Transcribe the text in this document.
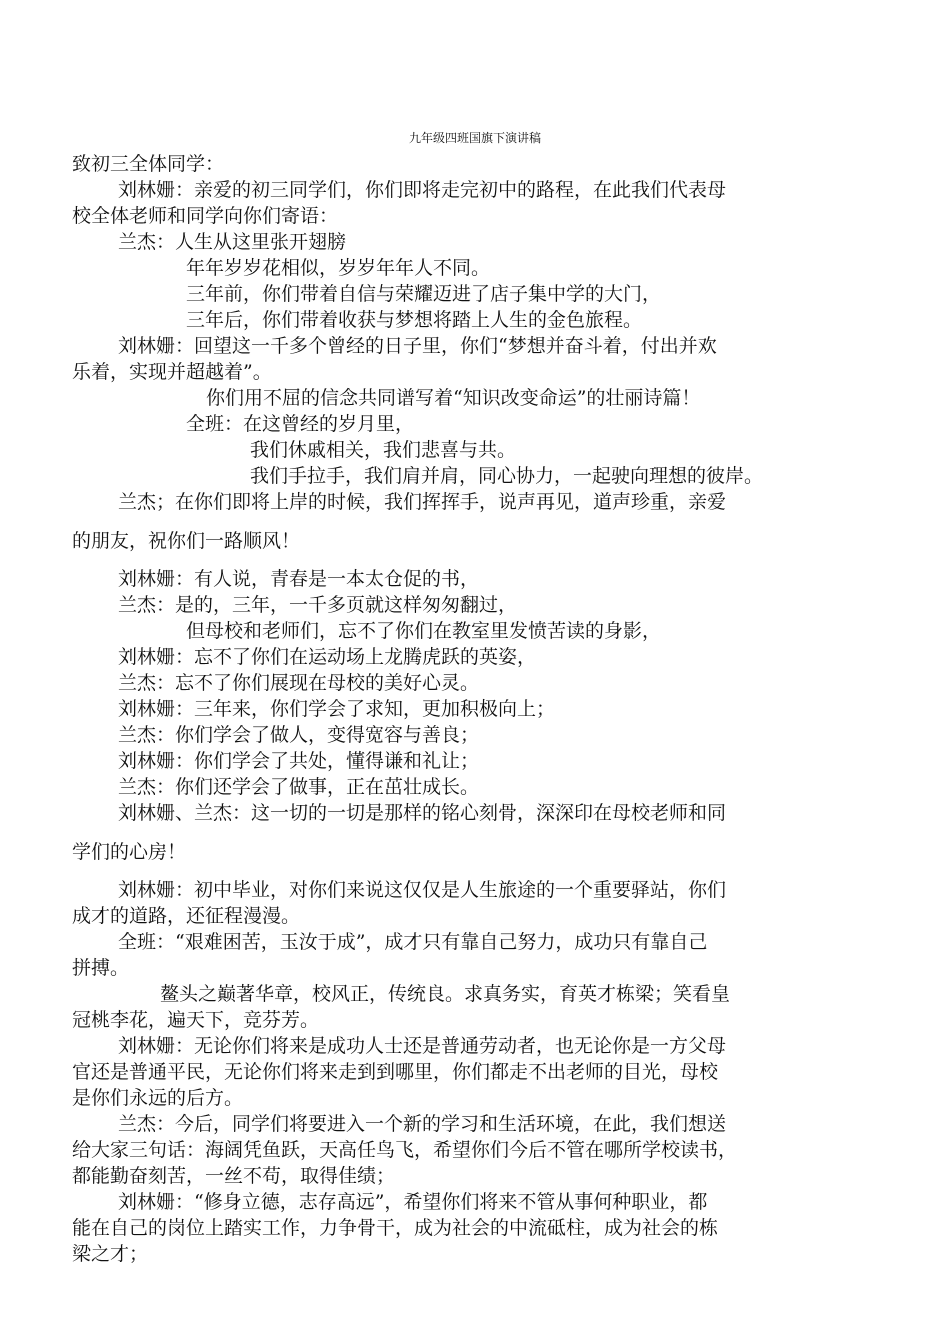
九年级四班国旗下演讲稿
致初三全体同学：
刘林姗：亲爱的初三同学们，你们即将走完初中的路程，在此我们代表母
校全体老师和同学向你们寄语：
兰杰：人生从这里张开翅膀
年年岁岁花相似，岁岁年年人不同。
三年前，你们带着自信与荣耀迈进了店子集中学的大门，
三年后，你们带着收获与梦想将踏上人生的金色旅程。
刘林姗：回望这一千多个曾经的日子里，你们“梦想并奋斗着，付出并欢
乐着，实现并超越着”。
你们用不屈的信念共同谱写着“知识改变命运”的壮丽诗篇！
全班：在这曾经的岁月里，
我们休戚相关，我们悲喜与共。
我们手拉手，我们肩并肩，同心协力，一起驶向理想的彼岸。
兰杰；在你们即将上岸的时候，我们挥挥手，说声再见，道声珍重，亲爱
的朋友，祝你们一路顺风！
刘林姗：有人说，青春是一本太仓促的书，
兰杰：是的，三年，一千多页就这样匆匆翻过，
但母校和老师们，忘不了你们在教室里发愤苦读的身影，
刘林姗：忘不了你们在运动场上龙腾虎跃的英姿，
兰杰：忘不了你们展现在母校的美好心灵。
刘林姗：三年来，你们学会了求知，更加积极向上；
兰杰：你们学会了做人，变得宽容与善良；
刘林姗：你们学会了共处，懂得谦和礼让；
兰杰：你们还学会了做事，正在茁壮成长。
刘林姗、兰杰：这一切的一切是那样的铭心刻骨，深深印在母校老师和同
学们的心房！
刘林姗：初中毕业，对你们来说这仅仅是人生旅途的一个重要驿站，你们
成才的道路，还征程漫漫。
全班：“艰难困苦，玉汝于成”，成才只有靠自己努力，成功只有靠自己
拼搏。
鳌头之巅著华章，校风正，传统良。求真务实，育英才栋梁；笑看皇
冠桃李花，遍天下，竞芬芳。
刘林姗：无论你们将来是成功人士还是普通劳动者，也无论你是一方父母
官还是普通平民，无论你们将来走到到哪里，你们都走不出老师的目光，母校
是你们永远的后方。
兰杰：今后，同学们将要进入一个新的学习和生活环境，在此，我们想送
给大家三句话：海阔凭鱼跃，天高任鸟飞，希望你们今后不管在哪所学校读书，
都能勤奋刻苦，一丝不苟，取得佳绩；
刘林姗：“修身立德，志存高远”，希望你们将来不管从事何种职业，都
能在自己的岗位上踏实工作，力争骨干，成为社会的中流砥柱，成为社会的栋
梁之才；
